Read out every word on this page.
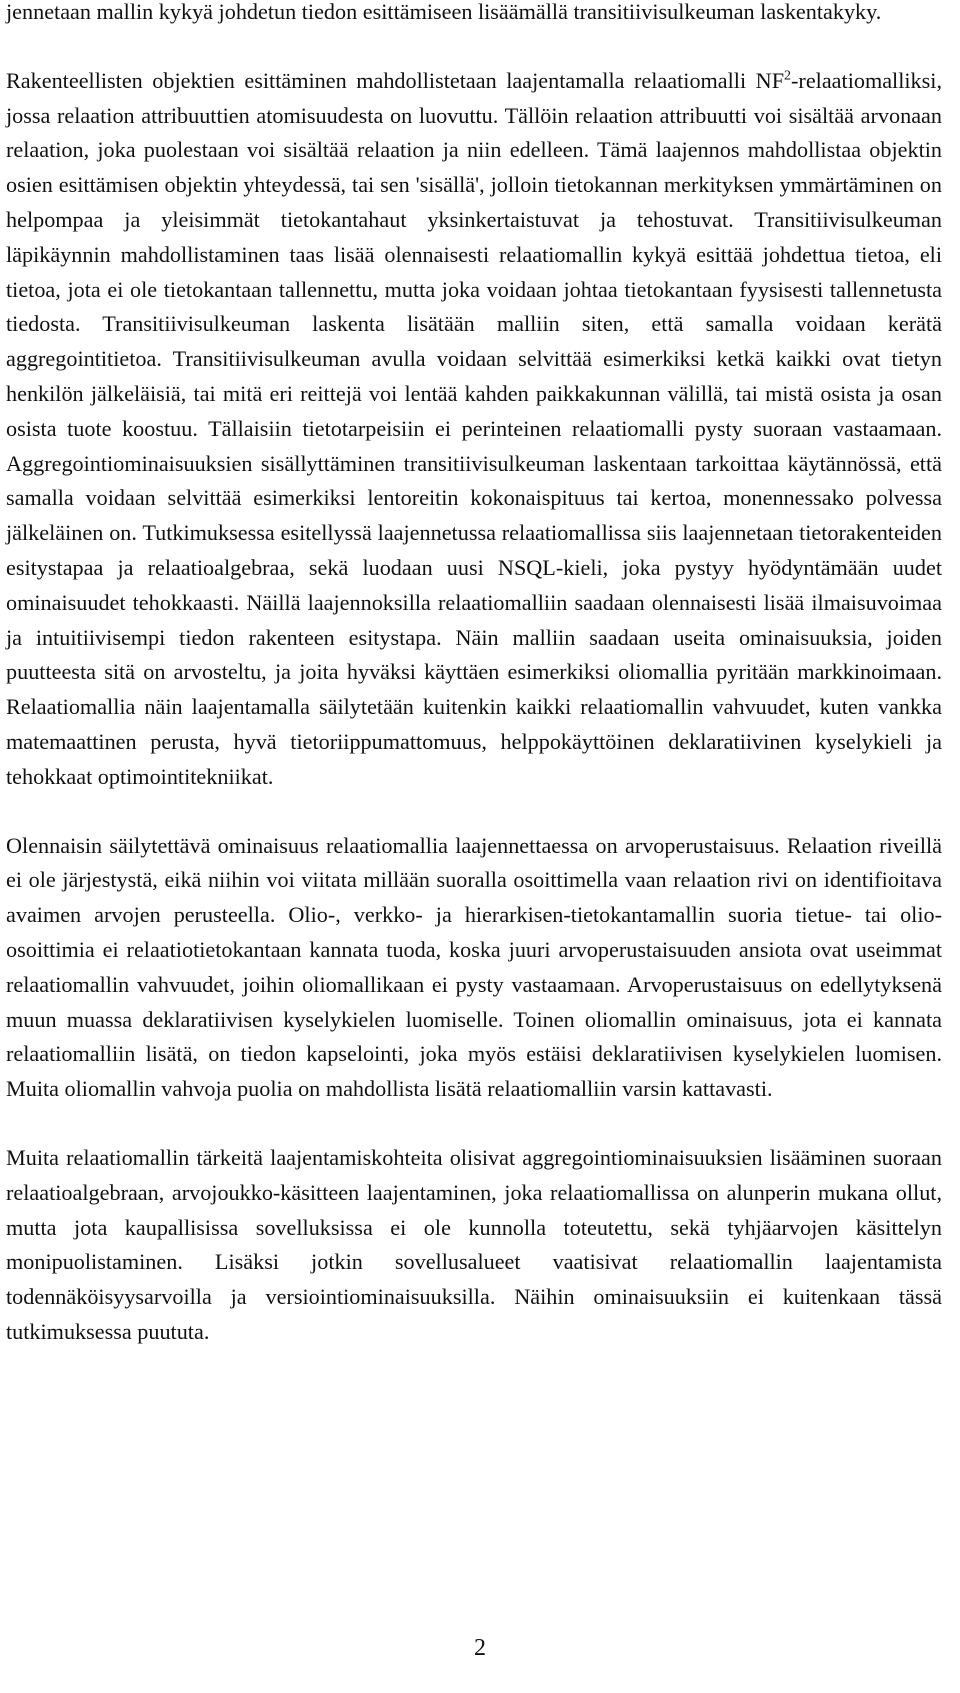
jennetaan mallin kykyä johdetun tiedon esittämiseen lisäämällä transitiivisulkeuman laskentakyky.

Rakenteellisten objektien esittäminen mahdollistetaan laajentamalla relaatiomalli $NF^2$-relaatiomalliksi, jossa relaation attribuuttien atomisuudesta on luovuttu. Tällöin relaation attribuutti voi sisältää arvonaan relaation, joka puolestaan voi sisältää relaation ja niin edelleen. Tämä laajennos mahdollistaa objektin osien esittämisen objektin yhteydessä, tai sen 'sisällä', jolloin tietokannan merkityksen ymmärtäminen on helpompaa ja yleisimmät tietokantahaut yksinkertaistuvat ja tehostuvat. Transitiivisulkeuman läpikäynnin mahdollistaminen taas lisää olennaisesti relaatiomallin kykyä esittää johdettua tietoa, eli tietoa, jota ei ole tietokantaan tallennettu, mutta joka voidaan johtaa tietokantaan fyysisesti tallennetusta tiedosta. Transitiivisulkeuman laskenta lisätään malliin siten, että samalla voidaan kerätä aggregointitietoa. Transitiivisulkeuman avulla voidaan selvittää esimerkiksi ketkä kaikki ovat tietyn henkilön jälkeläisiä, tai mitä eri reittejä voi lentää kahden paikkakunnan välillä, tai mistä osista ja osan osista tuote koostuu. Tällaisiin tietotarpeisiin ei perinteinen relaatiomalli pysty suoraan vastaamaan. Aggregointiominaisuuksien sisällyttäminen transitiivisulkeuman laskentaan tarkoittaa käytännössä, että samalla voidaan selvittää esimerkiksi lentoreitin kokonaispituus tai kertoa, monennessako polvessa jälkeläinen on. Tutkimuksessa esitellyssä laajennetussa relaatiomallissa siis laajennetaan tietorakenteiden esitystapaa ja relaatioalgebraa, sekä luodaan uusi NSQL-kieli, joka pystyy hyödyntämään uudet ominaisuudet tehokkaasti. Näillä laajennoksilla relaatiomalliin saadaan olennaisesti lisää ilmaisuvoimaa ja intuitiivisempi tiedon rakenteen esitystapa. Näin malliin saadaan useita ominaisuuksia, joiden puutteesta sitä on arvosteltu, ja joita hyväksi käyttäen esimerkiksi oliomallia pyritään markkinoimaan. Relaatiomallia näin laajentamalla säilytetään kuitenkin kaikki relaatiomallin vahvuudet, kuten vankka matemaattinen perusta, hyvä tietoriippumattomuus, helppokäyttöinen deklaratiivinen kyselykieli ja tehokkaat optimointitekniikat.

Olennaisin säilytettävä ominaisuus relaatiomallia laajennettaessa on arvoperustaisuus. Relaation riveillä ei ole järjestystä, eikä niihin voi viitata millään suoralla osoittimella vaan relaation rivi on identifioitava avaimen arvojen perusteella. Olio-, verkko- ja hierarkisen-tietokantamallin suoria tietue- tai olio-osoittimia ei relaatiotietokantaan kannata tuoda, koska juuri arvoperustaisuuden ansiota ovat useimmat relaatiomallin vahvuudet, joihin oliomallikaan ei pysty vastaamaan. Arvoperustaisuus on edellytyksenä muun muassa deklaratiivisen kyselykielen luomiselle. Toinen oliomallin ominaisuus, jota ei kannata relaatiomalliin lisätä, on tiedon kapselointi, joka myös estäisi deklaratiivisen kyselykielen luomisen. Muita oliomallin vahvoja puolia on mahdollista lisätä relaatiomalliin varsin kattavasti.

Muita relaatiomallin tärkeitä laajentamiskohteita olisivat aggregointiominaisuuksien lisääminen suoraan relaatioalgebraan, arvojoukko-käsitteen laajentaminen, joka relaatiomallissa on alunperin mukana ollut, mutta jota kaupallisissa sovelluksissa ei ole kunnolla toteutettu, sekä tyhjäarvojen käsittelyn monipuolistaminen. Lisäksi jotkin sovellusalueet vaatisivat relaatiomallin laajentamista todennäköisyysarvoilla ja versiointiominaisuuksilla. Näihin ominaisuuksiin ei kuitenkaan tässä tutkimuksessa puututa.

2
